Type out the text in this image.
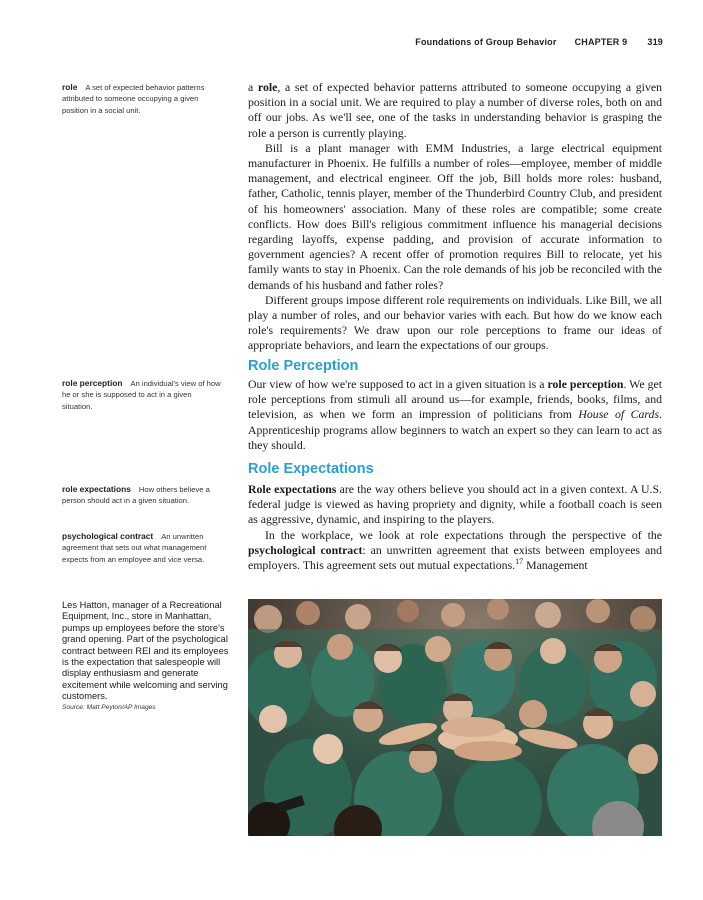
Foundations of Group Behavior CHAPTER 9 319
role A set of expected behavior patterns attributed to someone occupying a given position in a social unit.
role perception An individual's view of how he or she is supposed to act in a given situation.
role expectations How others believe a person should act in a given situation.
psychological contract An unwritten agreement that sets out what management expects from an employee and vice versa.

a role, a set of expected behavior patterns attributed to someone occupying a given position in a social unit. We are required to play a number of diverse roles, both on and off our jobs. As we'll see, one of the tasks in understanding behavior is grasping the role a person is currently playing.

Bill is a plant manager with EMM Industries, a large electrical equipment manufacturer in Phoenix. He fulfills a number of roles—employee, member of middle management, and electrical engineer. Off the job, Bill holds more roles: husband, father, Catholic, tennis player, member of the Thunderbird Country Club, and president of his homeowners' association. Many of these roles are compatible; some create conflicts. How does Bill's religious commitment influence his managerial decisions regarding layoffs, expense padding, and provision of accurate information to government agencies? A recent offer of promotion requires Bill to relocate, yet his family wants to stay in Phoenix. Can the role demands of his job be reconciled with the demands of his husband and father roles?

Different groups impose different role requirements on individuals. Like Bill, we all play a number of roles, and our behavior varies with each. But how do we know each role's requirements? We draw upon our role perceptions to frame our ideas of appropriate behaviors, and learn the expectations of our groups.

Role Perception

Our view of how we're supposed to act in a given situation is a role perception. We get role perceptions from stimuli all around us—for example, friends, books, films, and television, as when we form an impression of politicians from House of Cards. Apprenticeship programs allow beginners to watch an expert so they can learn to act as they should.

Role Expectations

Role expectations are the way others believe you should act in a given context. A U.S. federal judge is viewed as having propriety and dignity, while a football coach is seen as aggressive, dynamic, and inspiring to the players.

In the workplace, we look at role expectations through the perspective of the psychological contract: an unwritten agreement that exists between employees and employers. This agreement sets out mutual expectations.$^{17}$ Management

Les Hatton, manager of a Recreational Equipment, Inc., store in Manhattan, pumps up employees before the store's grand opening. Part of the psychological contract between REI and its employees is the expectation that salespeople will display enthusiasm and generate excitement while welcoming and serving customers.
Source: Matt Peyton/AP Images
